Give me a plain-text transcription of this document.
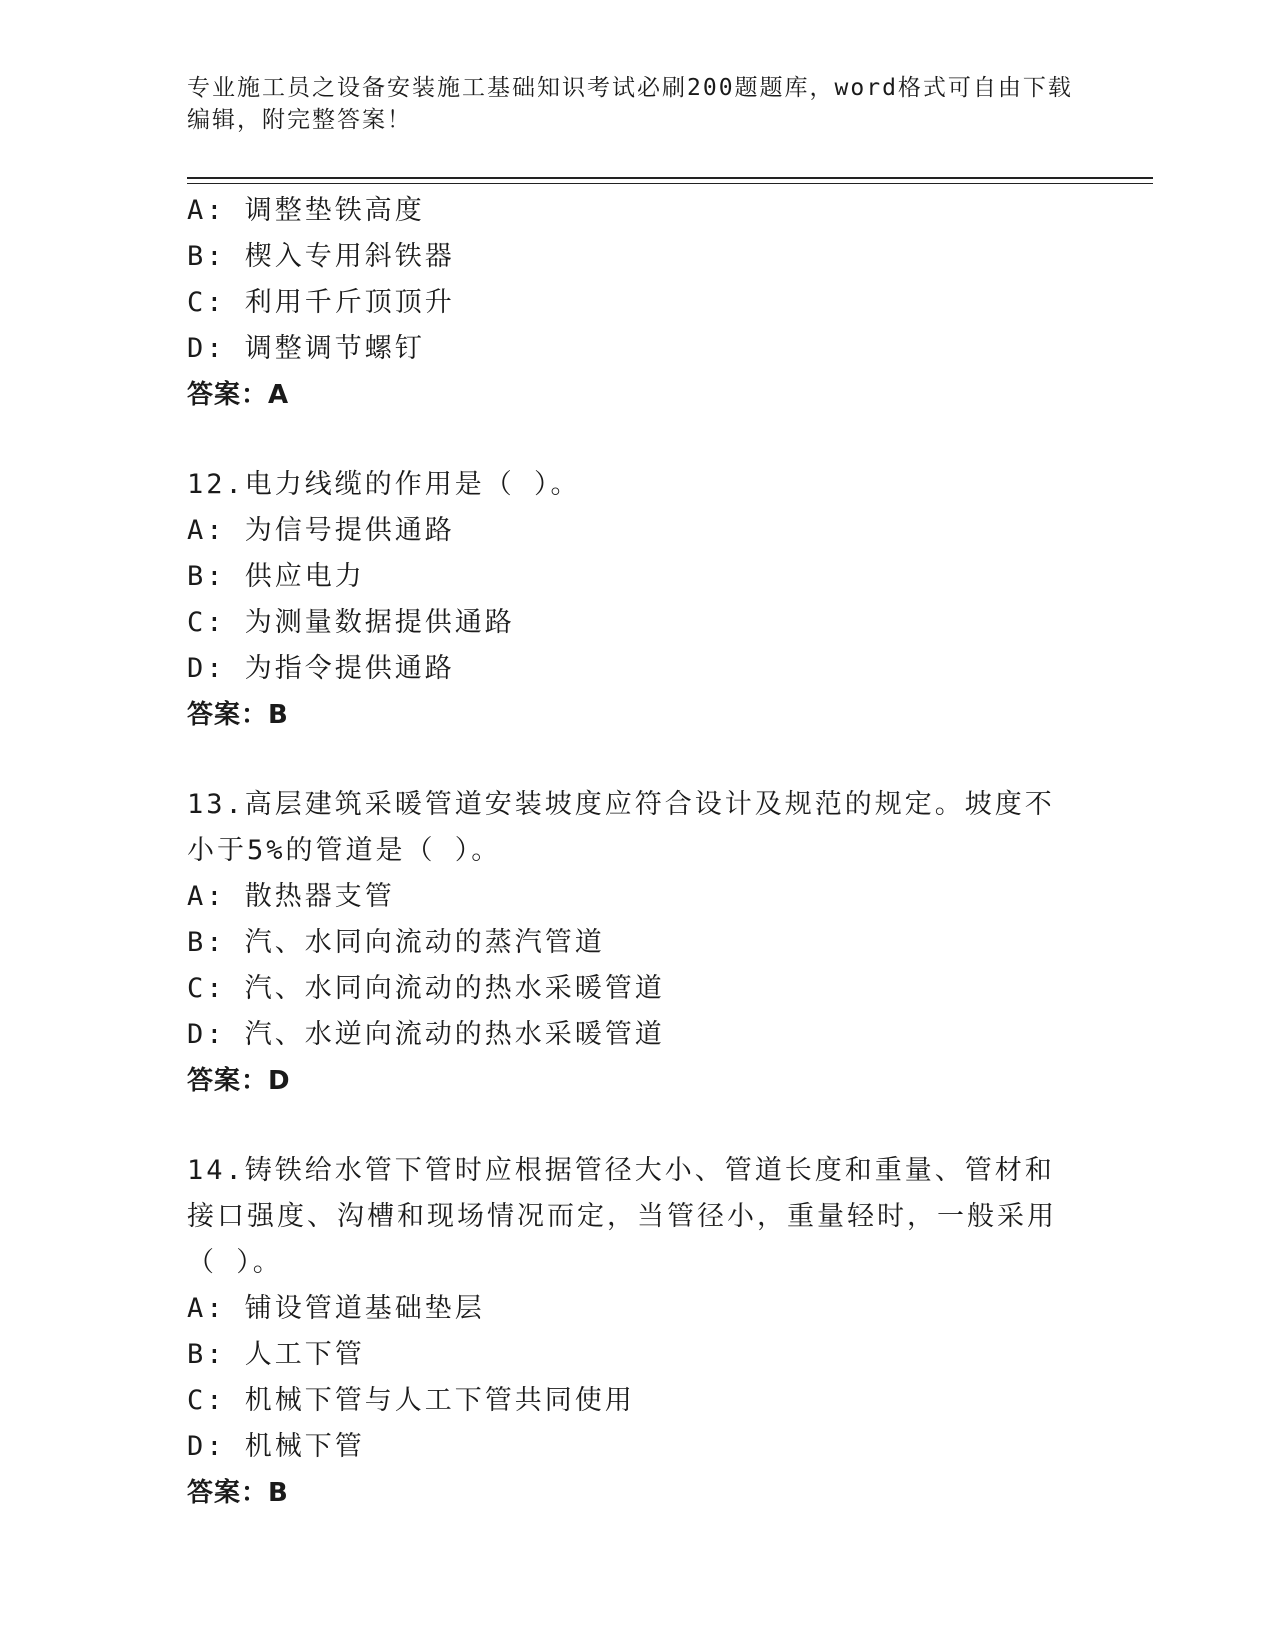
专业施工员之设备安装施工基础知识考试必刷200题题库，word格式可自由下载编辑，附完整答案！
A: 调整垫铁高度
B: 楔入专用斜铁器
C: 利用千斤顶顶升
D: 调整调节螺钉
答案：A
12.电力线缆的作用是（ ）。
A: 为信号提供通路
B: 供应电力
C: 为测量数据提供通路
D: 为指令提供通路
答案：B
13.高层建筑采暖管道安装坡度应符合设计及规范的规定。坡度不小于5%的管道是（ ）。
A: 散热器支管
B: 汽、水同向流动的蒸汽管道
C: 汽、水同向流动的热水采暖管道
D: 汽、水逆向流动的热水采暖管道
答案：D
14.铸铁给水管下管时应根据管径大小、管道长度和重量、管材和接口强度、沟槽和现场情况而定，当管径小，重量轻时，一般采用（ ）。
A: 铺设管道基础垫层
B: 人工下管
C: 机械下管与人工下管共同使用
D: 机械下管
答案：B
